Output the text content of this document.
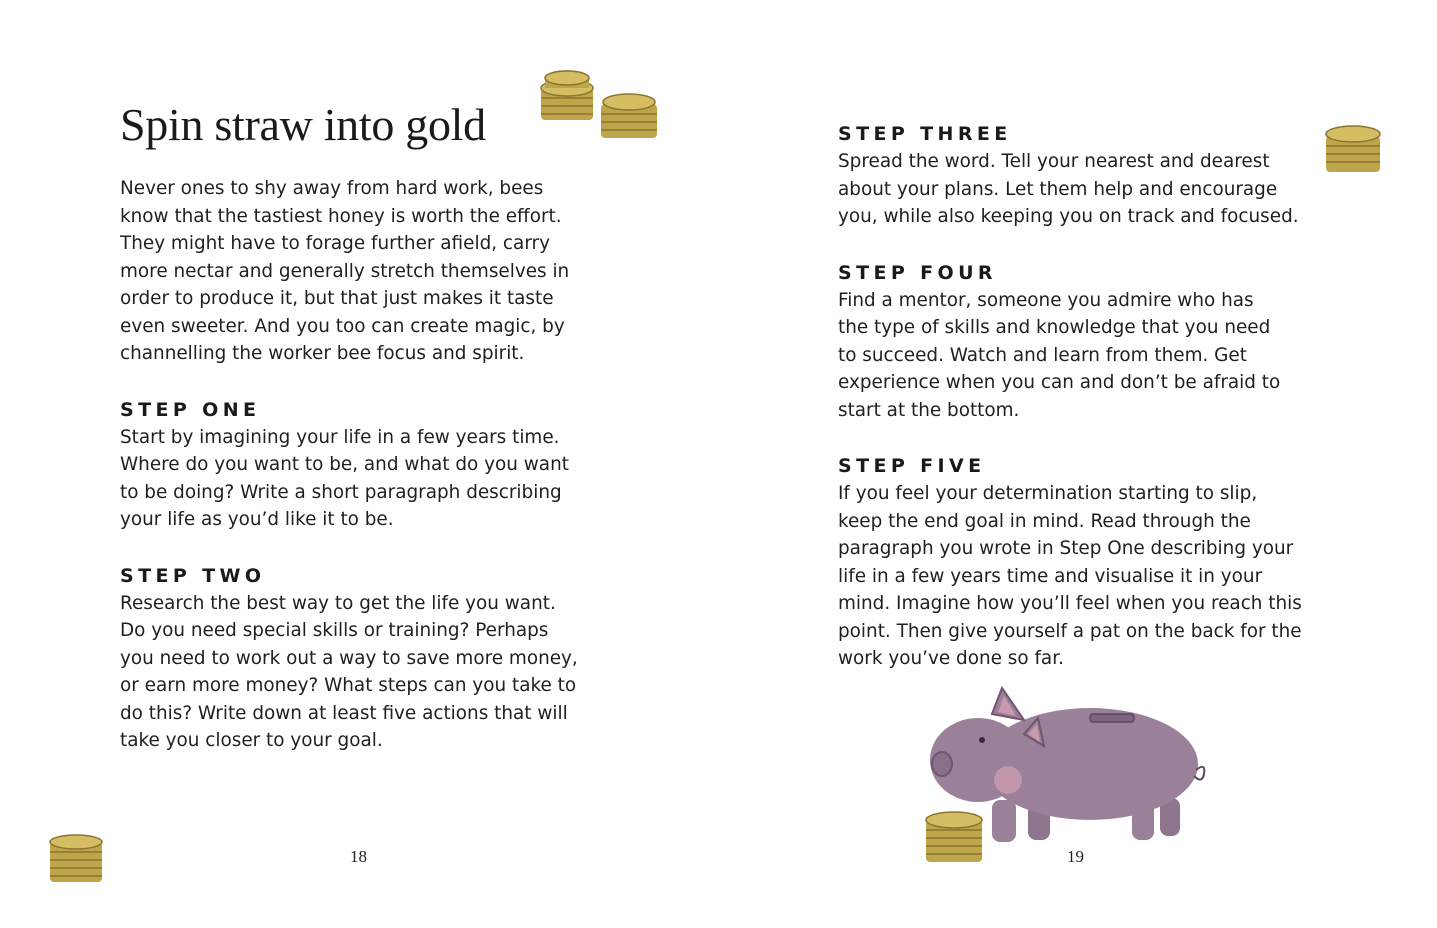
Spin straw into gold

Never ones to shy away from hard work, bees

know that the tastiest honey is worth the effort.

They might have to forage further afield, carry

more nectar and generally stretch themselves in

order to produce it, but that just makes it taste

even sweeter. And you too can create magic, by

channelling the worker bee focus and spirit.

STEP ONE

Start by imagining your life in a few years time.

Where do you want to be, and what do you want

to be doing? Write a short paragraph describing

your life as you’d like it to be.

STEP TWO

Research the best way to get the life you want.

Do you need special skills or training? Perhaps

you need to work out a way to save more money,

or earn more money? What steps can you take to

do this? Write down at least five actions that will

take you closer to your goal.

18
STEP THREE

Spread the word. Tell your nearest and dearest

about your plans. Let them help and encourage

you, while also keeping you on track and focused.

STEP FOUR

Find a mentor, someone you admire who has

the type of skills and knowledge that you need

to succeed. Watch and learn from them. Get

experience when you can and don’t be afraid to

start at the bottom.

STEP FIVE

If you feel your determination starting to slip,

keep the end goal in mind. Read through the

paragraph you wrote in Step One describing your

life in a few years time and visualise it in your

mind. Imagine how you’ll feel when you reach this

point. Then give yourself a pat on the back for the

work you’ve done so far.

19
